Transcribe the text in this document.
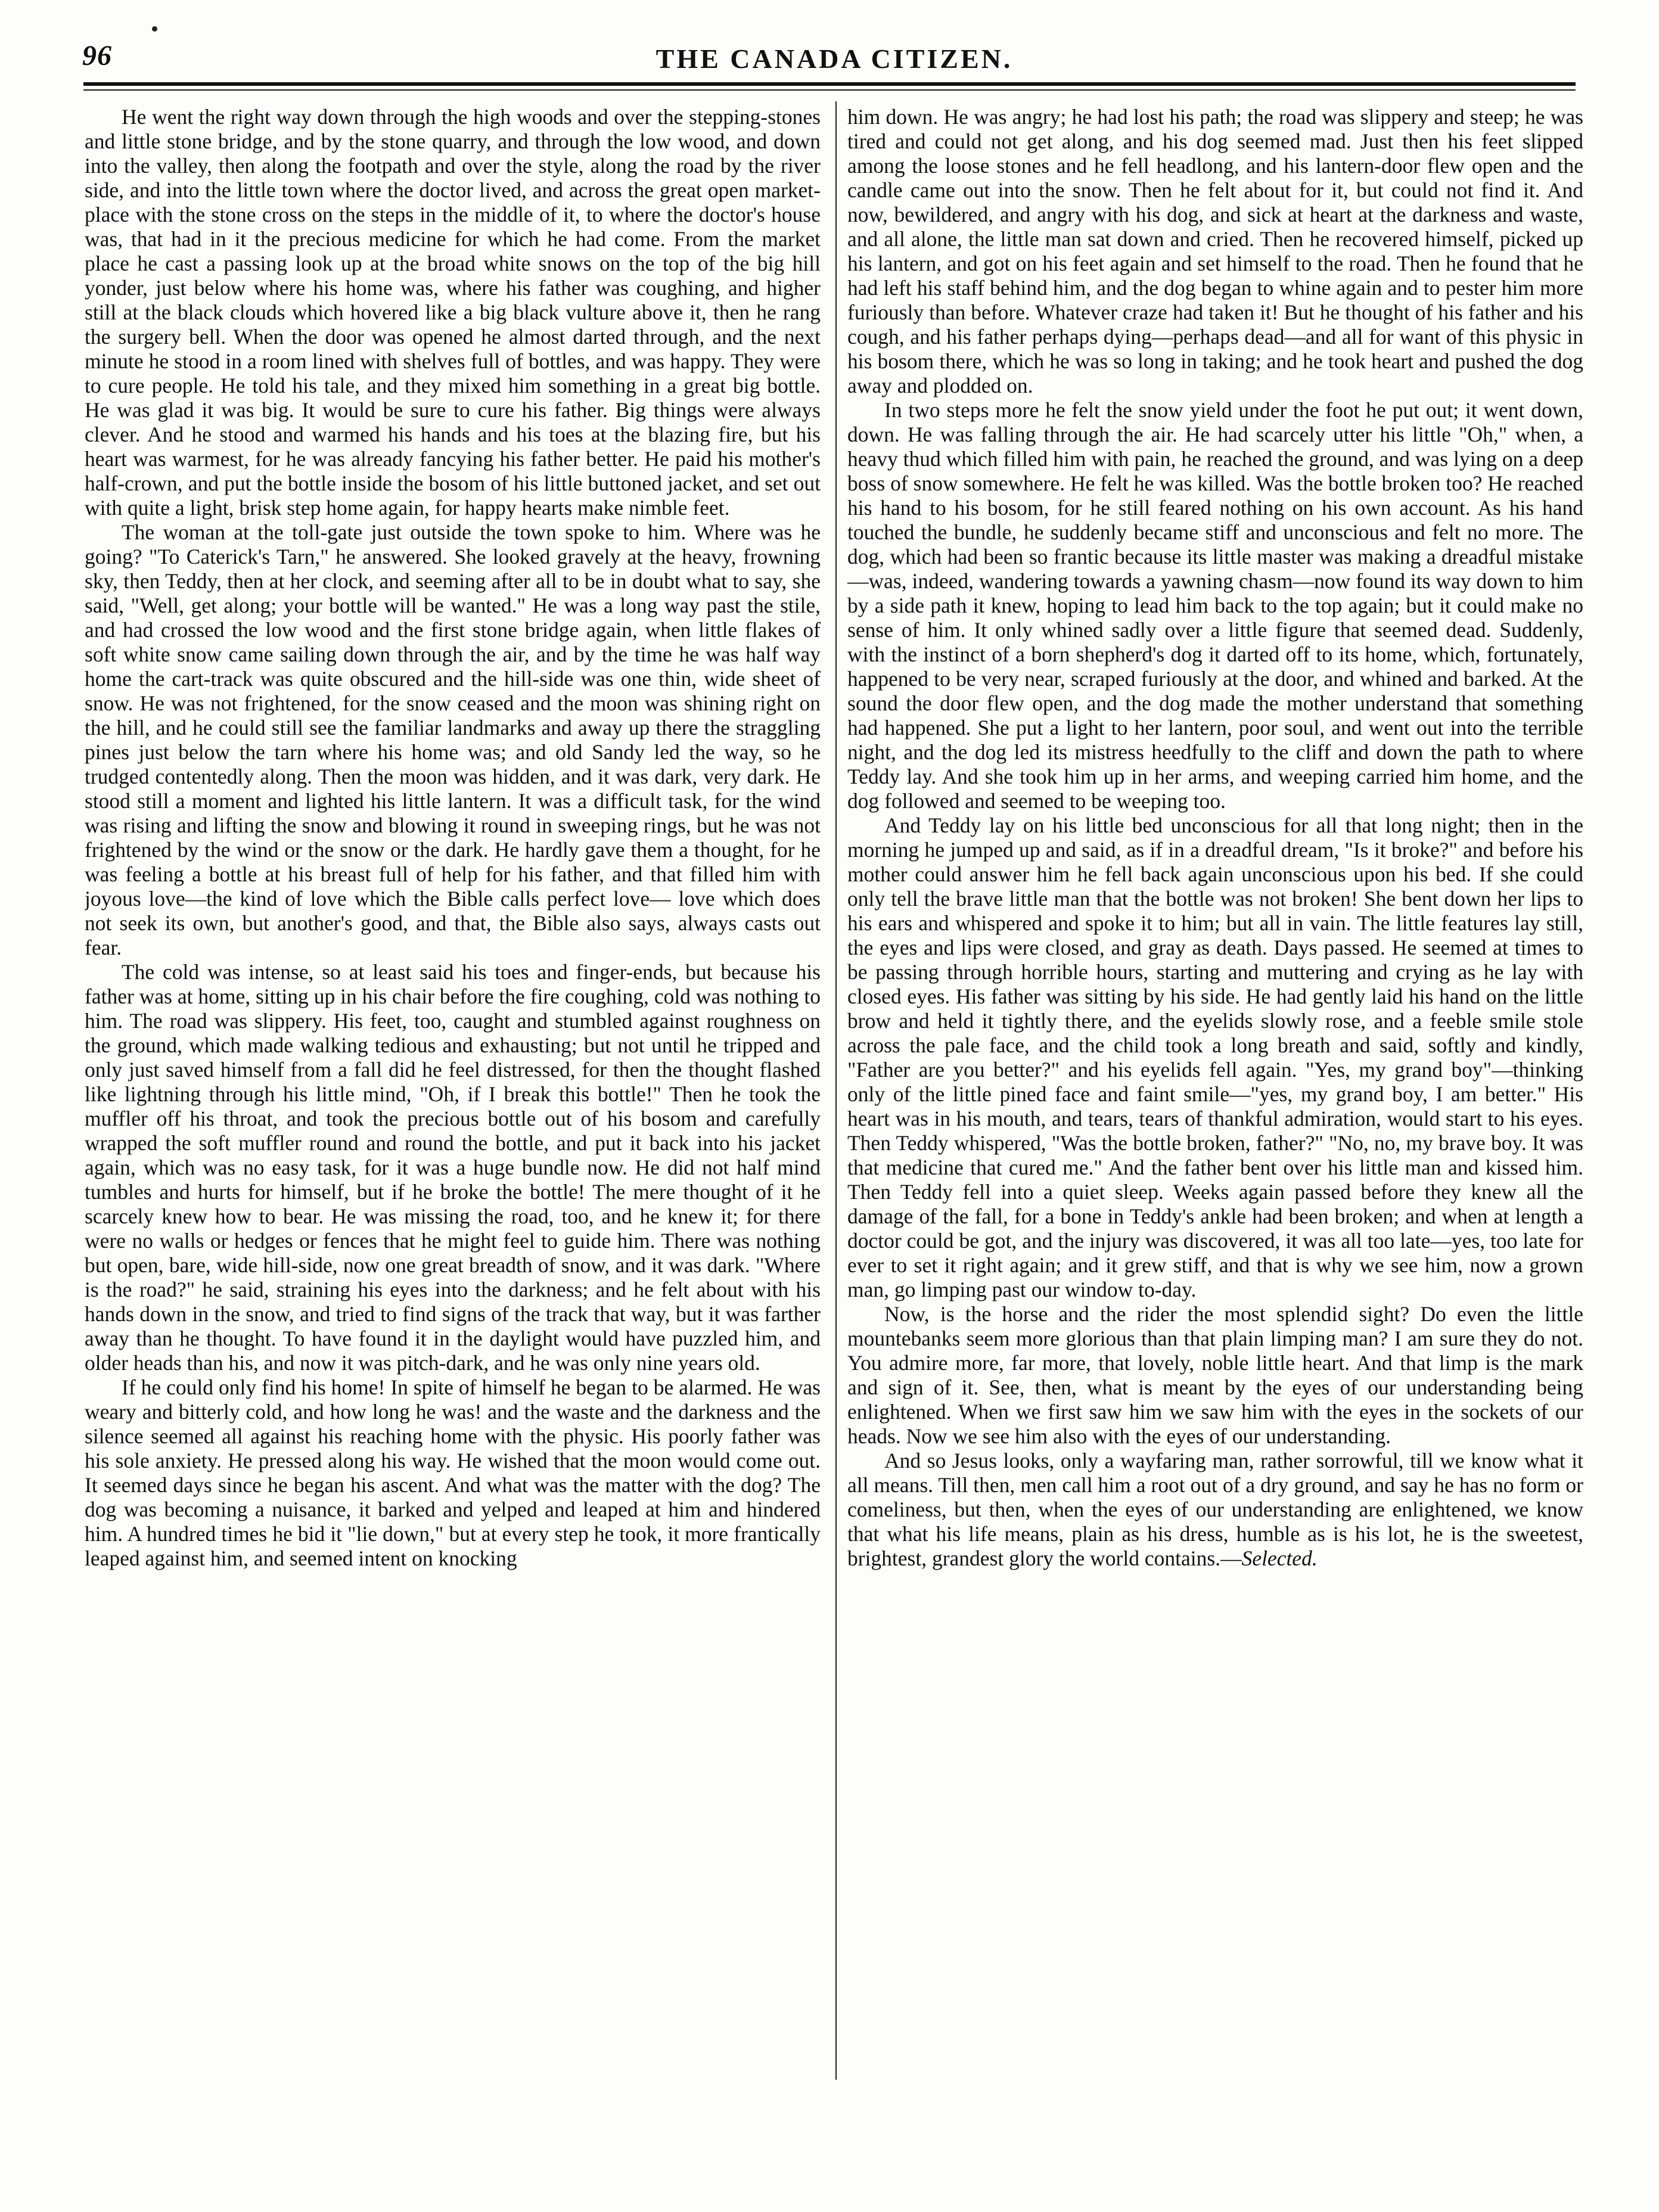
96	THE CANADA CITIZEN.

He went the right way down through the high woods and over the stepping-stones and little stone bridge, and by the stone quarry, and through the low wood, and down into the valley, then along the footpath and over the style, along the road by the river side, and into the little town where the doctor lived, and across the great open market-place with the stone cross on the steps in the middle of it, to where the doctor's house was, that had in it the precious medicine for which he had come. From the market place he cast a passing look up at the broad white snows on the top of the big hill yonder, just below where his home was, where his father was coughing, and higher still at the black clouds which hovered like a big black vulture above it, then he rang the surgery bell. When the door was opened he almost darted through, and the next minute he stood in a room lined with shelves full of bottles, and was happy. They were to cure people. He told his tale, and they mixed him something in a great big bottle. He was glad it was big. It would be sure to cure his father. Big things were always clever. And he stood and warmed his hands and his toes at the blazing fire, but his heart was warmest, for he was already fancying his father better. He paid his mother's half-crown, and put the bottle inside the bosom of his little buttoned jacket, and set out with quite a light, brisk step home again, for happy hearts make nimble feet.

The woman at the toll-gate just outside the town spoke to him. Where was he going? "To Caterick's Tarn," he answered. She looked gravely at the heavy, frowning sky, then Teddy, then at her clock, and seeming after all to be in doubt what to say, she said, "Well, get along; your bottle will be wanted." He was a long way past the stile, and had crossed the low wood and the first stone bridge again, when little flakes of soft white snow came sailing down through the air, and by the time he was half way home the cart-track was quite obscured and the hill-side was one thin, wide sheet of snow. He was not frightened, for the snow ceased and the moon was shining right on the hill, and he could still see the familiar landmarks and away up there the straggling pines just below the tarn where his home was; and old Sandy led the way, so he trudged contentedly along. Then the moon was hidden, and it was dark, very dark. He stood still a moment and lighted his little lantern. It was a difficult task, for the wind was rising and lifting the snow and blowing it round in sweeping rings, but he was not frightened by the wind or the snow or the dark. He hardly gave them a thought, for he was feeling a bottle at his breast full of help for his father, and that filled him with joyous love—the kind of love which the Bible calls perfect love— love which does not seek its own, but another's good, and that, the Bible also says, always casts out fear.

The cold was intense, so at least said his toes and finger-ends, but because his father was at home, sitting up in his chair before the fire coughing, cold was nothing to him. The road was slippery. His feet, too, caught and stumbled against roughness on the ground, which made walking tedious and exhausting; but not until he tripped and only just saved himself from a fall did he feel distressed, for then the thought flashed like lightning through his little mind, "Oh, if I break this bottle!" Then he took the muffler off his throat, and took the precious bottle out of his bosom and carefully wrapped the soft muffler round and round the bottle, and put it back into his jacket again, which was no easy task, for it was a huge bundle now. He did not half mind tumbles and hurts for himself, but if he broke the bottle! The mere thought of it he scarcely knew how to bear. He was missing the road, too, and he knew it; for there were no walls or hedges or fences that he might feel to guide him. There was nothing but open, bare, wide hill-side, now one great breadth of snow, and it was dark. "Where is the road?" he said, straining his eyes into the darkness; and he felt about with his hands down in the snow, and tried to find signs of the track that way, but it was farther away than he thought. To have found it in the daylight would have puzzled him, and older heads than his, and now it was pitch-dark, and he was only nine years old.

If he could only find his home! In spite of himself he began to be alarmed. He was weary and bitterly cold, and how long he was! and the waste and the darkness and the silence seemed all against his reaching home with the physic. His poorly father was his sole anxiety. He pressed along his way. He wished that the moon would come out. It seemed days since he began his ascent. And what was the matter with the dog? The dog was becoming a nuisance, it barked and yelped and leaped at him and hindered him. A hundred times he bid it "lie down," but at every step he took, it more frantically leaped against him, and seemed intent on knocking

him down. He was angry; he had lost his path; the road was slippery and steep; he was tired and could not get along, and his dog seemed mad. Just then his feet slipped among the loose stones and he fell headlong, and his lantern-door flew open and the candle came out into the snow. Then he felt about for it, but could not find it. And now, bewildered, and angry with his dog, and sick at heart at the darkness and waste, and all alone, the little man sat down and cried. Then he recovered himself, picked up his lantern, and got on his feet again and set himself to the road. Then he found that he had left his staff behind him, and the dog began to whine again and to pester him more furiously than before. Whatever craze had taken it! But he thought of his father and his cough, and his father perhaps dying—perhaps dead—and all for want of this physic in his bosom there, which he was so long in taking; and he took heart and pushed the dog away and plodded on.

In two steps more he felt the snow yield under the foot he put out; it went down, down. He was falling through the air. He had scarcely utter his little "Oh," when, a heavy thud which filled him with pain, he reached the ground, and was lying on a deep boss of snow somewhere. He felt he was killed. Was the bottle broken too? He reached his hand to his bosom, for he still feared nothing on his own account. As his hand touched the bundle, he suddenly became stiff and unconscious and felt no more. The dog, which had been so frantic because its little master was making a dreadful mistake—was, indeed, wandering towards a yawning chasm—now found its way down to him by a side path it knew, hoping to lead him back to the top again; but it could make no sense of him. It only whined sadly over a little figure that seemed dead. Suddenly, with the instinct of a born shepherd's dog it darted off to its home, which, fortunately, happened to be very near, scraped furiously at the door, and whined and barked. At the sound the door flew open, and the dog made the mother understand that something had happened. She put a light to her lantern, poor soul, and went out into the terrible night, and the dog led its mistress heedfully to the cliff and down the path to where Teddy lay. And she took him up in her arms, and weeping carried him home, and the dog followed and seemed to be weeping too.

And Teddy lay on his little bed unconscious for all that long night; then in the morning he jumped up and said, as if in a dreadful dream, "Is it broke?" and before his mother could answer him he fell back again unconscious upon his bed. If she could only tell the brave little man that the bottle was not broken! She bent down her lips to his ears and whispered and spoke it to him; but all in vain. The little features lay still, the eyes and lips were closed, and gray as death. Days passed. He seemed at times to be passing through horrible hours, starting and muttering and crying as he lay with closed eyes. His father was sitting by his side. He had gently laid his hand on the little brow and held it tightly there, and the eyelids slowly rose, and a feeble smile stole across the pale face, and the child took a long breath and said, softly and kindly, "Father are you better?" and his eyelids fell again. "Yes, my grand boy"—thinking only of the little pined face and faint smile—"yes, my grand boy, I am better." His heart was in his mouth, and tears, tears of thankful admiration, would start to his eyes. Then Teddy whispered, "Was the bottle broken, father?" "No, no, my brave boy. It was that medicine that cured me." And the father bent over his little man and kissed him. Then Teddy fell into a quiet sleep. Weeks again passed before they knew all the damage of the fall, for a bone in Teddy's ankle had been broken; and when at length a doctor could be got, and the injury was discovered, it was all too late—yes, too late for ever to set it right again; and it grew stiff, and that is why we see him, now a grown man, go limping past our window to-day.

Now, is the horse and the rider the most splendid sight? Do even the little mountebanks seem more glorious than that plain limping man? I am sure they do not. You admire more, far more, that lovely, noble little heart. And that limp is the mark and sign of it. See, then, what is meant by the eyes of our understanding being enlightened. When we first saw him we saw him with the eyes in the sockets of our heads. Now we see him also with the eyes of our understanding.

And so Jesus looks, only a wayfaring man, rather sorrowful, till we know what it all means. Till then, men call him a root out of a dry ground, and say he has no form or comeliness, but then, when the eyes of our understanding are enlightened, we know that what his life means, plain as his dress, humble as is his lot, he is the sweetest, brightest, grandest glory the world contains.—Selected.
